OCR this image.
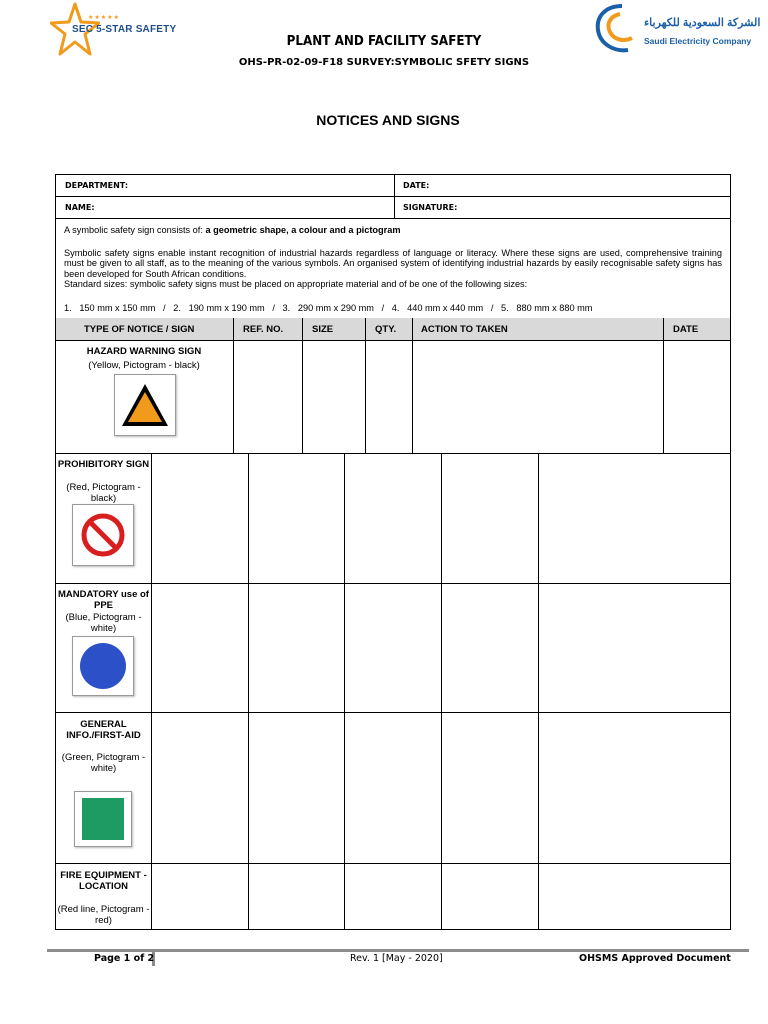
★★★★★
SEC 5-STAR SAFETY
الشركة السعودية للكهرباء
Saudi Electricity Company
PLANT AND FACILITY SAFETY
OHS-PR-02-09-F18 SURVEY:SYMBOLIC SFETY SIGNS
NOTICES AND SIGNS
DEPARTMENT:	DATE:
NAME:	SIGNATURE:

A symbolic safety sign consists of: a geometric shape, a colour and a pictogram

Symbolic safety signs enable instant recognition of industrial hazards regardless of language or literacy. Where these signs are used, comprehensive training must be given to all staff, as to the meaning of the various symbols. An organised system of identifying industrial hazards by easily recognisable safety signs has been developed for South African conditions.

Standard sizes: symbolic safety signs must be placed on appropriate material and of be one of the following sizes:

1.   150 mm x 150 mm   /   2.   190 mm x 190 mm   /   3.   290 mm x 290 mm   /   4.   440 mm x 440 mm   /   5.   880 mm x 880 mm

TYPE OF NOTICE / SIGN	REF. NO.	SIZE	QTY.	ACTION TO TAKEN	DATE
HAZARD WARNING SIGN
(Yellow, Pictogram - black)
PROHIBITORY SIGN
(Red, Pictogram - black)
MANDATORY use of PPE
(Blue, Pictogram - white)
GENERAL INFO./FIRST-AID
(Green, Pictogram - white)
FIRE EQUIPMENT - LOCATION
(Red line, Pictogram - red)
Page 1 of 2	Rev. 1 [May - 2020]	OHSMS Approved Document
